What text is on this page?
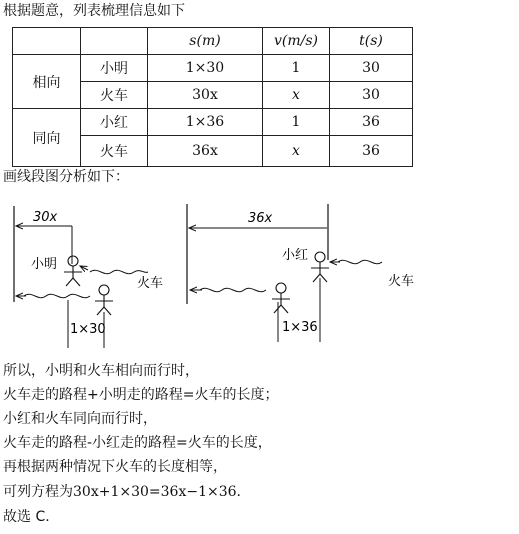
根据题意，列表梳理信息如下
		s(m)	v(m/s)	t(s)
相向	小明	1×30	1	30
	火车	30x	x	30
同向	小红	1×36	1	36
	火车	36x	x	36
画线段图分析如下：
30x
小明
火车
1×30
36x
小红
火车
1×36
所以，小明和火车相向而行时，
火车走的路程+小明走的路程=火车的长度；
小红和火车同向而行时，
火车走的路程-小红走的路程=火车的长度，
再根据两种情况下火车的长度相等，
可列方程为30x+1×30=36x−1×36.
故选 C.
